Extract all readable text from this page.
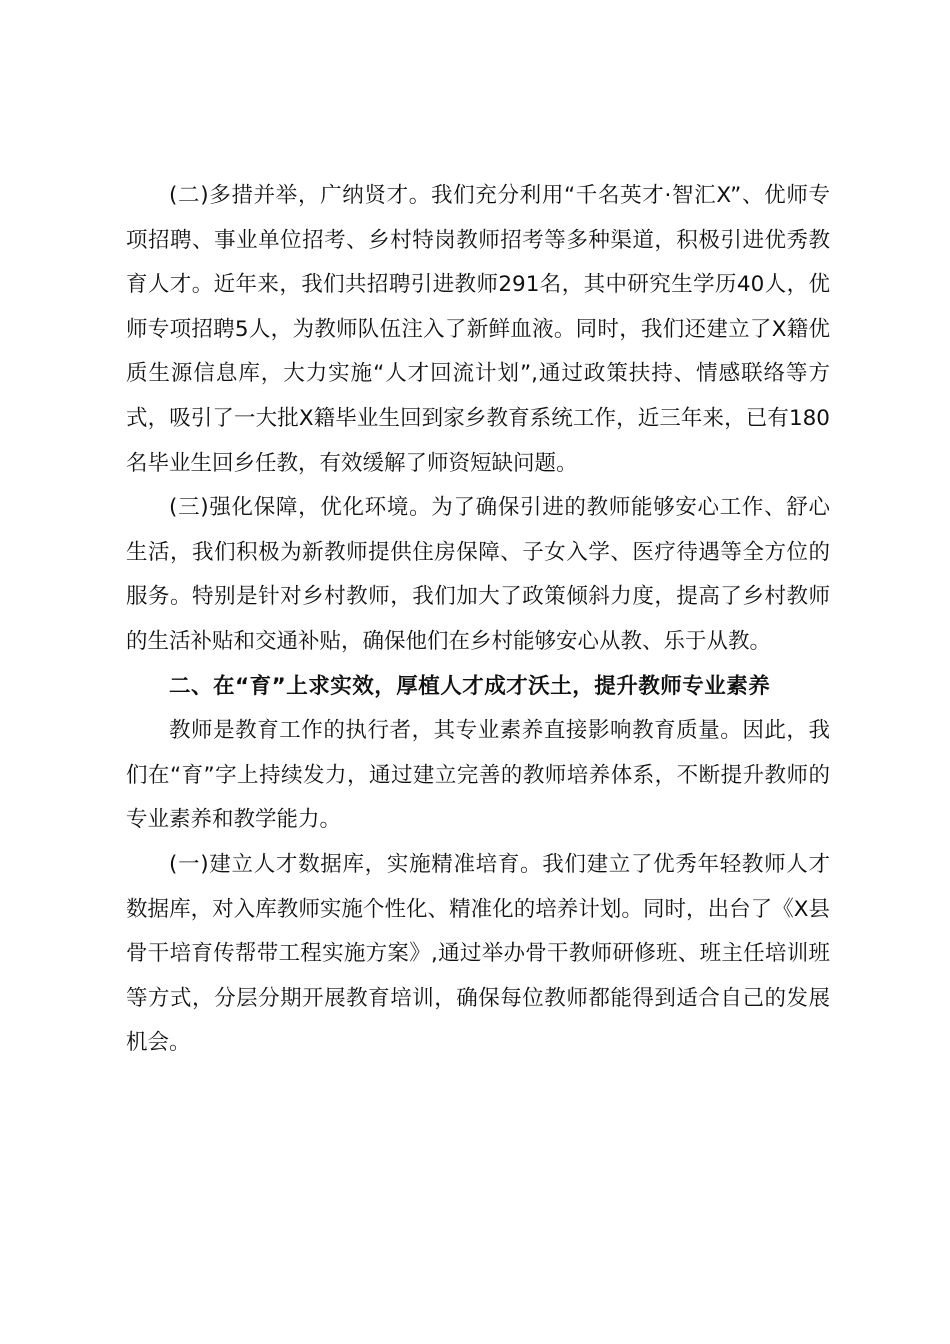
(二)多措并举，广纳贤才。我们充分利用“千名英才·智汇X”、优师专项招聘、事业单位招考、乡村特岗教师招考等多种渠道，积极引进优秀教育人才。近年来，我们共招聘引进教师291名，其中研究生学历40人，优师专项招聘5人，为教师队伍注入了新鲜血液。同时，我们还建立了X籍优质生源信息库，大力实施“人才回流计划”,通过政策扶持、情感联络等方式，吸引了一大批X籍毕业生回到家乡教育系统工作，近三年来，已有180名毕业生回乡任教，有效缓解了师资短缺问题。

(三)强化保障，优化环境。为了确保引进的教师能够安心工作、舒心生活，我们积极为新教师提供住房保障、子女入学、医疗待遇等全方位的服务。特别是针对乡村教师，我们加大了政策倾斜力度，提高了乡村教师的生活补贴和交通补贴，确保他们在乡村能够安心从教、乐于从教。

二、在“育”上求实效，厚植人才成才沃土，提升教师专业素养

教师是教育工作的执行者，其专业素养直接影响教育质量。因此，我们在“育”字上持续发力，通过建立完善的教师培养体系，不断提升教师的专业素养和教学能力。

(一)建立人才数据库，实施精准培育。我们建立了优秀年轻教师人才数据库，对入库教师实施个性化、精准化的培养计划。同时，出台了《X县骨干培育传帮带工程实施方案》,通过举办骨干教师研修班、班主任培训班等方式，分层分期开展教育培训，确保每位教师都能得到适合自己的发展机会。
